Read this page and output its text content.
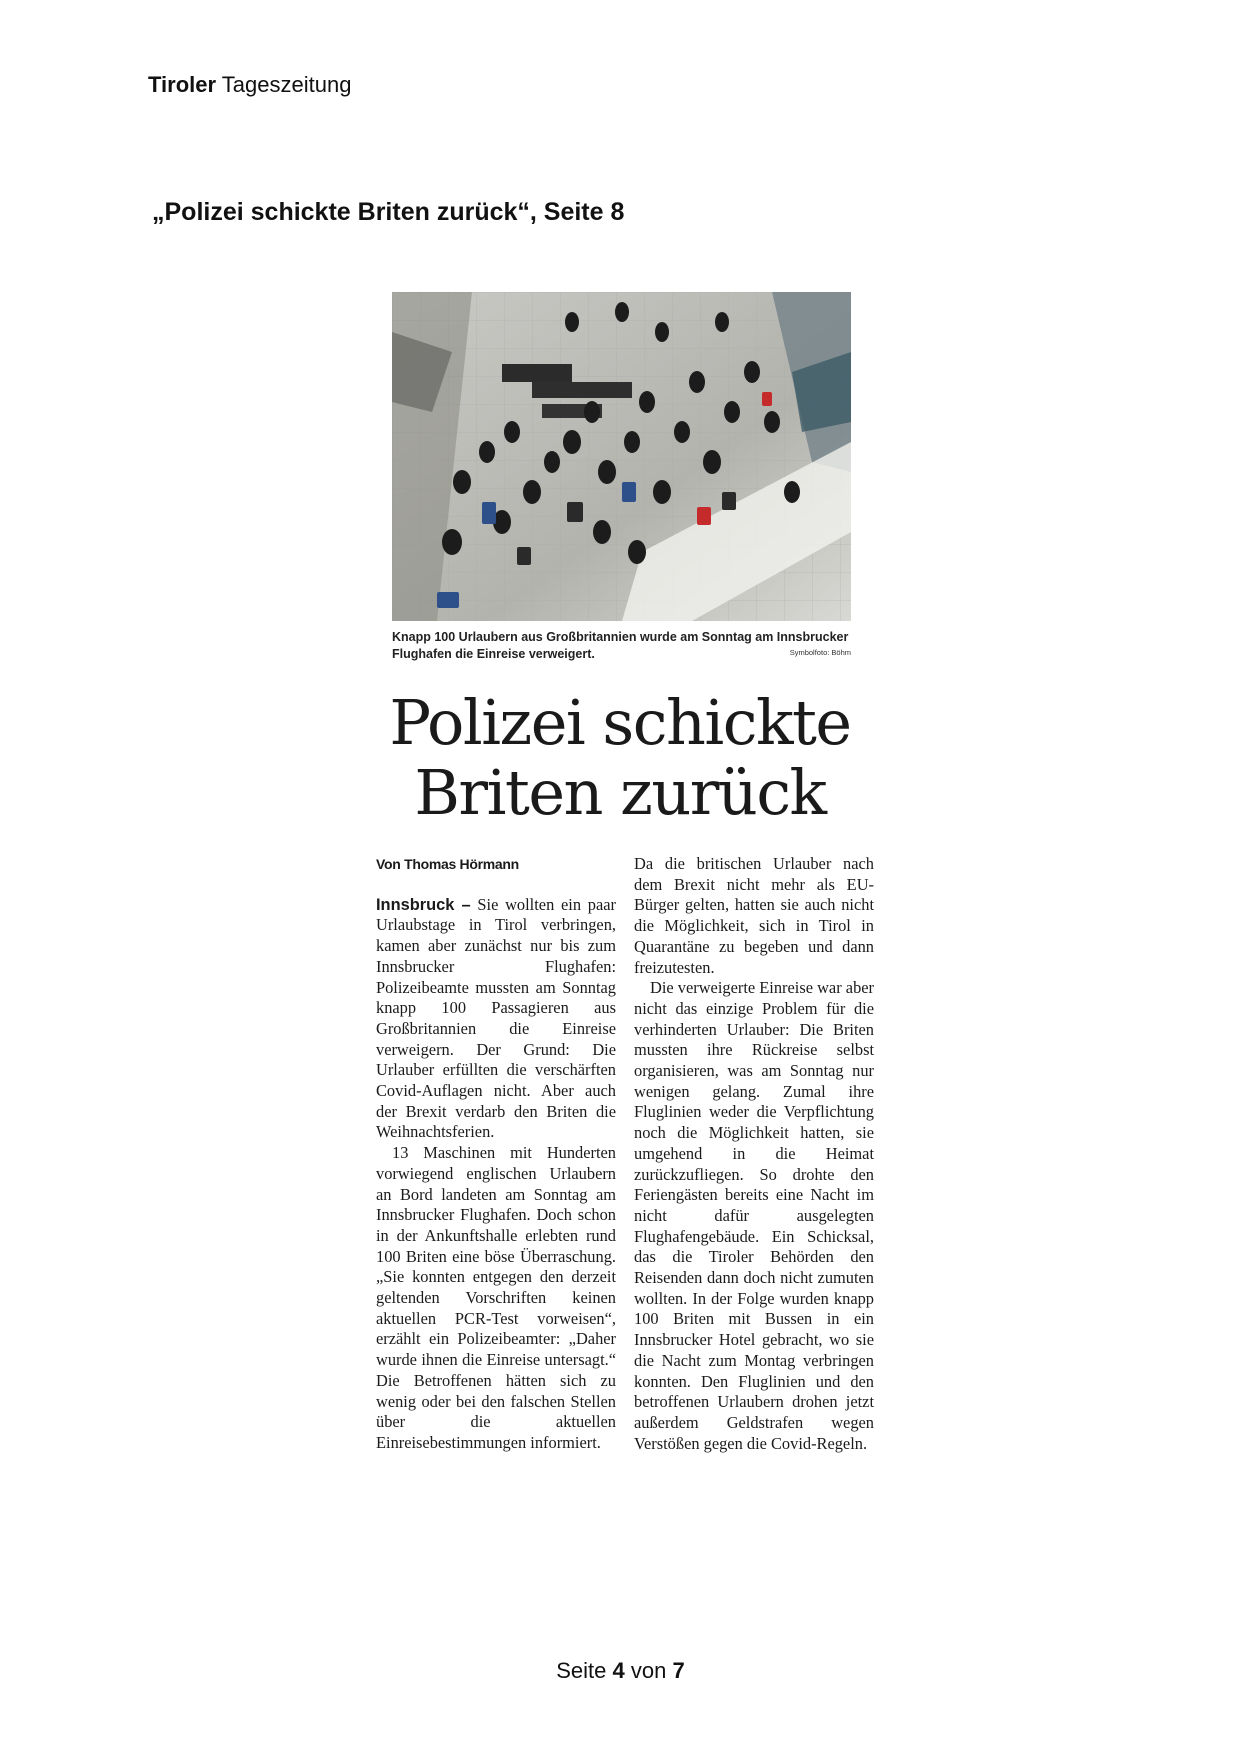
Tiroler Tageszeitung
„Polizei schickte Briten zurück“, Seite 8
Knapp 100 Urlaubern aus Großbritannien wurde am Sonntag am Innsbrucker Flughafen die Einreise verweigert.	Symbolfoto: Böhm
Polizei schickte
Briten zurück

Von Thomas Hörmann

Innsbruck – Sie wollten ein paar Urlaubstage in Tirol verbringen, kamen aber zunächst nur bis zum Innsbrucker Flughafen: Polizeibeamte mussten am Sonntag knapp 100 Passagieren aus Großbritannien die Einreise verweigern. Der Grund: Die Urlauber erfüllten die verschärften Covid-Auflagen nicht. Aber auch der Brexit verdarb den Briten die Weihnachtsferien.

13 Maschinen mit Hunderten vorwiegend englischen Urlaubern an Bord landeten am Sonntag am Innsbrucker Flughafen. Doch schon in der Ankunftshalle erlebten rund 100 Briten eine böse Überraschung. „Sie konnten entgegen den derzeit geltenden Vorschriften keinen aktuellen PCR-Test vorweisen“, erzählt ein Polizeibeamter: „Daher wurde ihnen die Einreise untersagt.“ Die Betroffenen hätten sich zu wenig oder bei den falschen Stellen über die aktuellen Einreisebestimmungen informiert.

Da die britischen Urlauber nach dem Brexit nicht mehr als EU-Bürger gelten, hatten sie auch nicht die Möglichkeit, sich in Tirol in Quarantäne zu begeben und dann freizutesten.

Die verweigerte Einreise war aber nicht das einzige Problem für die verhinderten Urlauber: Die Briten mussten ihre Rückreise selbst organisieren, was am Sonntag nur wenigen gelang. Zumal ihre Fluglinien weder die Verpflichtung noch die Möglichkeit hatten, sie umgehend in die Heimat zurückzufliegen. So drohte den Feriengästen bereits eine Nacht im nicht dafür ausgelegten Flughafengebäude. Ein Schicksal, das die Tiroler Behörden den Reisenden dann doch nicht zumuten wollten. In der Folge wurden knapp 100 Briten mit Bussen in ein Innsbrucker Hotel gebracht, wo sie die Nacht zum Montag verbringen konnten. Den Fluglinien und den betroffenen Urlaubern drohen jetzt außerdem Geldstrafen wegen Verstößen gegen die Covid-Regeln.

Seite 4 von 7
